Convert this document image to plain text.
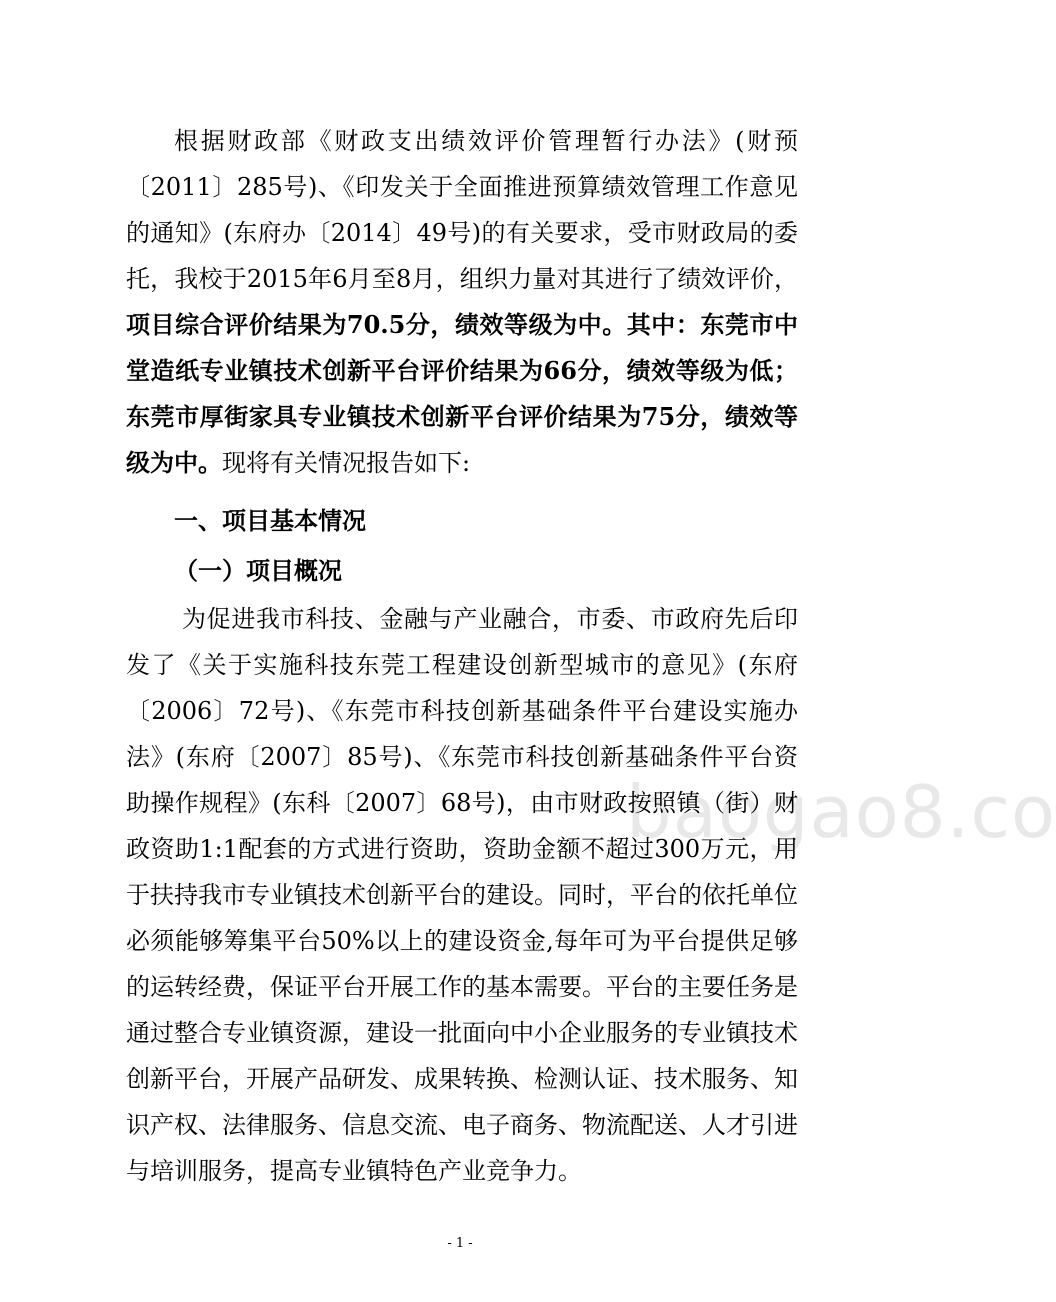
根据财政部《财政支出绩效评价管理暂行办法》(财预〔2011〕285号)、《印发关于全面推进预算绩效管理工作意见的通知》(东府办〔2014〕49号)的有关要求，受市财政局的委托，我校于2015年6月至8月，组织力量对其进行了绩效评价，项目综合评价结果为70.5分，绩效等级为中。其中：东莞市中堂造纸专业镇技术创新平台评价结果为66分，绩效等级为低；东莞市厚街家具专业镇技术创新平台评价结果为75分，绩效等级为中。现将有关情况报告如下:

一、项目基本情况
（一）项目概况

为促进我市科技、金融与产业融合，市委、市政府先后印发了《关于实施科技东莞工程建设创新型城市的意见》(东府〔2006〕72号)、《东莞市科技创新基础条件平台建设实施办法》(东府〔2007〕85号)、《东莞市科技创新基础条件平台资助操作规程》(东科〔2007〕68号)，由市财政按照镇（街）财政资助1:1配套的方式进行资助，资助金额不超过300万元，用于扶持我市专业镇技术创新平台的建设。同时，平台的依托单位必须能够筹集平台50%以上的建设资金,每年可为平台提供足够的运转经费，保证平台开展工作的基本需要。平台的主要任务是通过整合专业镇资源，建设一批面向中小企业服务的专业镇技术创新平台，开展产品研发、成果转换、检测认证、技术服务、知识产权、法律服务、信息交流、电子商务、物流配送、人才引进与培训服务，提高专业镇特色产业竞争力。

baogao8.co
- 1 -
